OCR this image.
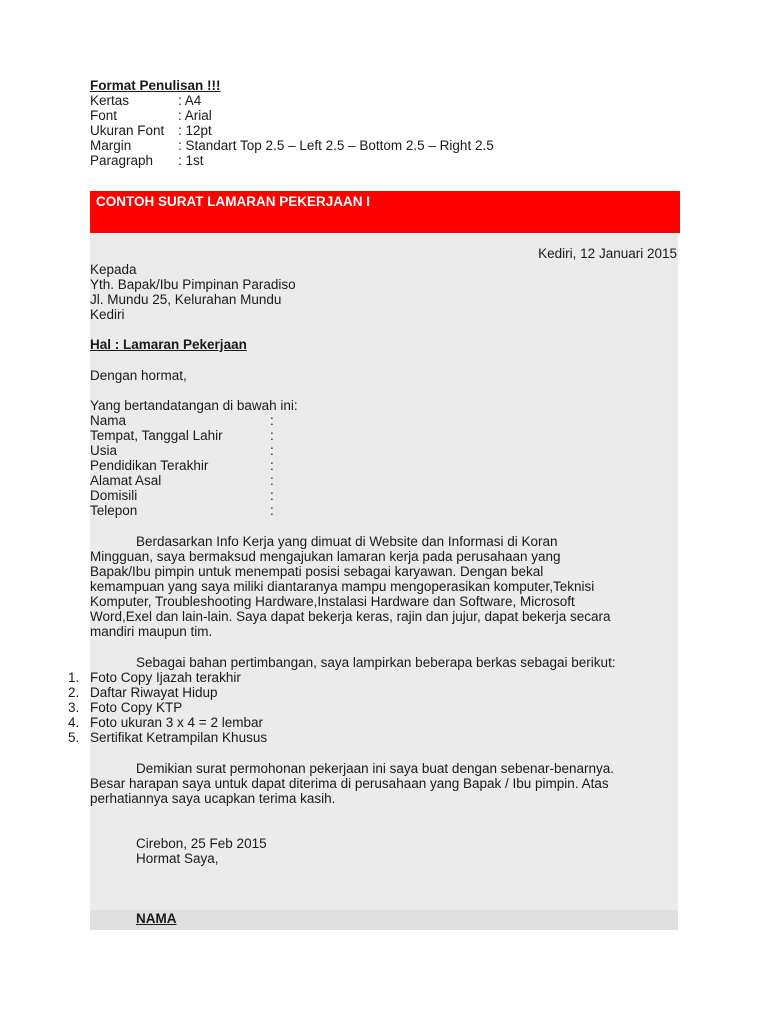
Format Penulisan !!!
Kertas	: A4
Font	: Arial
Ukuran Font : 12pt
Margin	: Standart Top 2.5 – Left 2.5 – Bottom 2.5 – Right 2.5
Paragraph : 1st
CONTOH SURAT LAMARAN PEKERJAAN I
Kediri, 12 Januari 2015
Kepada
Yth. Bapak/Ibu Pimpinan Paradiso
Jl. Mundu 25, Kelurahan Mundu
Kediri
Hal : Lamaran Pekerjaan
Dengan hormat,
Yang bertandatangan di bawah ini:
Nama	:
Tempat, Tanggal Lahir	:
Usia	:
Pendidikan Terakhir	:
Alamat Asal	:
Domisili	:
Telepon	:
Berdasarkan Info Kerja yang dimuat di Website dan Informasi di Koran
Mingguan, saya bermaksud mengajukan lamaran kerja pada perusahaan yang
Bapak/Ibu pimpin untuk menempati posisi sebagai karyawan. Dengan bekal
kemampuan yang saya miliki diantaranya mampu mengoperasikan komputer,Teknisi
Komputer, Troubleshooting Hardware,Instalasi Hardware dan Software, Microsoft
Word,Exel dan lain-lain. Saya dapat bekerja keras, rajin dan jujur, dapat bekerja secara
mandiri maupun tim.
Sebagai bahan pertimbangan, saya lampirkan beberapa berkas sebagai berikut:
1. Foto Copy Ijazah terakhir
2. Daftar Riwayat Hidup
3. Foto Copy KTP
4. Foto ukuran 3 x 4 = 2 lembar
5. Sertifikat Ketrampilan Khusus
Demikian surat permohonan pekerjaan ini saya buat dengan sebenar-benarnya.
Besar harapan saya untuk dapat diterima di perusahaan yang Bapak / Ibu pimpin. Atas
perhatiannya saya ucapkan terima kasih.
Cirebon, 25 Feb 2015
Hormat Saya,
NAMA
